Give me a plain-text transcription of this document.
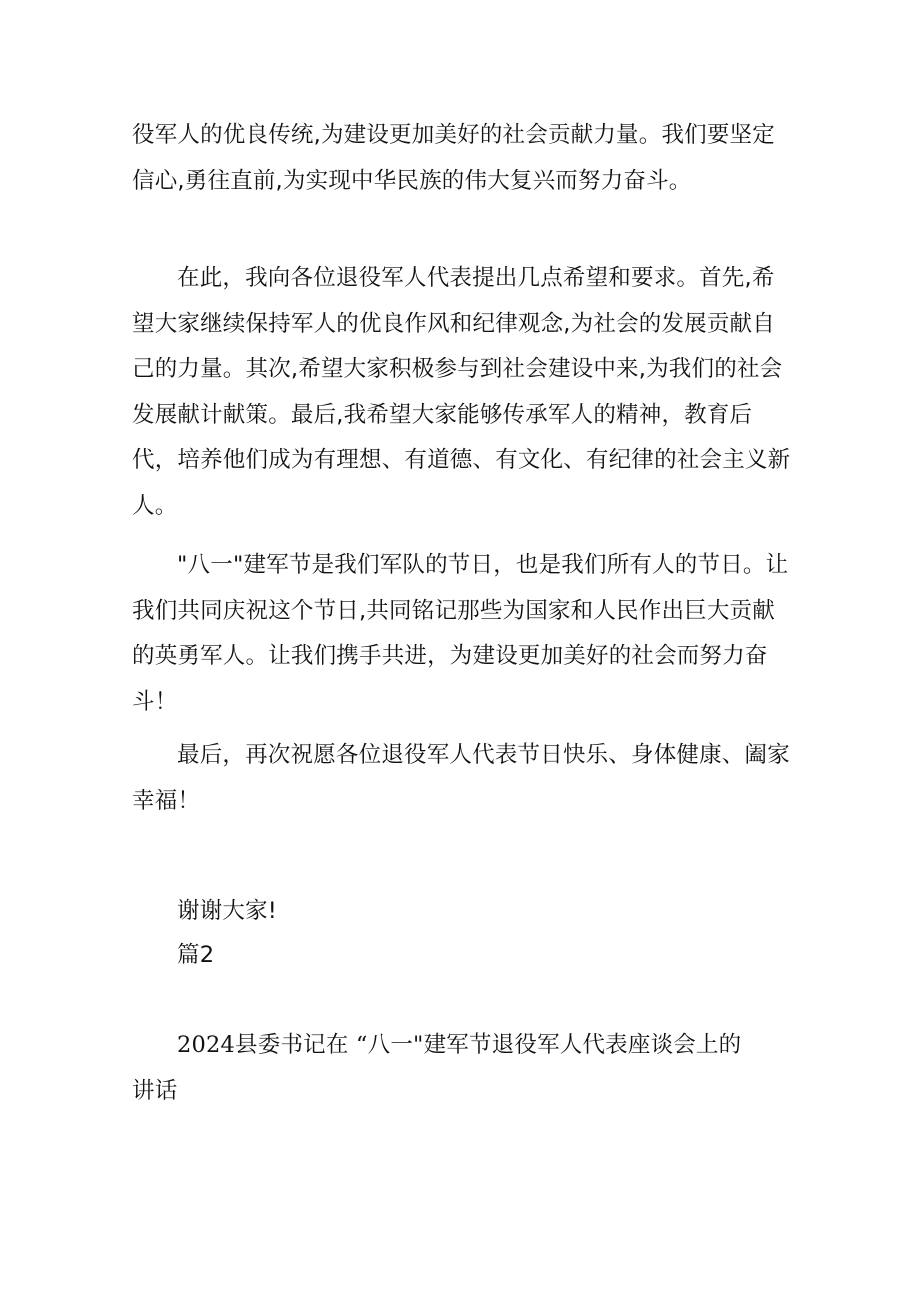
役军人的优良传统,为建设更加美好的社会贡献力量。我们要坚定信心,勇往直前,为实现中华民族的伟大复兴而努力奋斗。

在此，我向各位退役军人代表提出几点希望和要求。首先,希望大家继续保持军人的优良作风和纪律观念,为社会的发展贡献自己的力量。其次,希望大家积极参与到社会建设中来,为我们的社会发展献计献策。最后,我希望大家能够传承军人的精神，教育后代，培养他们成为有理想、有道德、有文化、有纪律的社会主义新人。

"八一"建军节是我们军队的节日，也是我们所有人的节日。让我们共同庆祝这个节日,共同铭记那些为国家和人民作出巨大贡献的英勇军人。让我们携手共进，为建设更加美好的社会而努力奋斗！

最后，再次祝愿各位退役军人代表节日快乐、身体健康、阖家幸福！

谢谢大家!

篇2

2024县委书记在 “八一"建军节退役军人代表座谈会上的讲话
